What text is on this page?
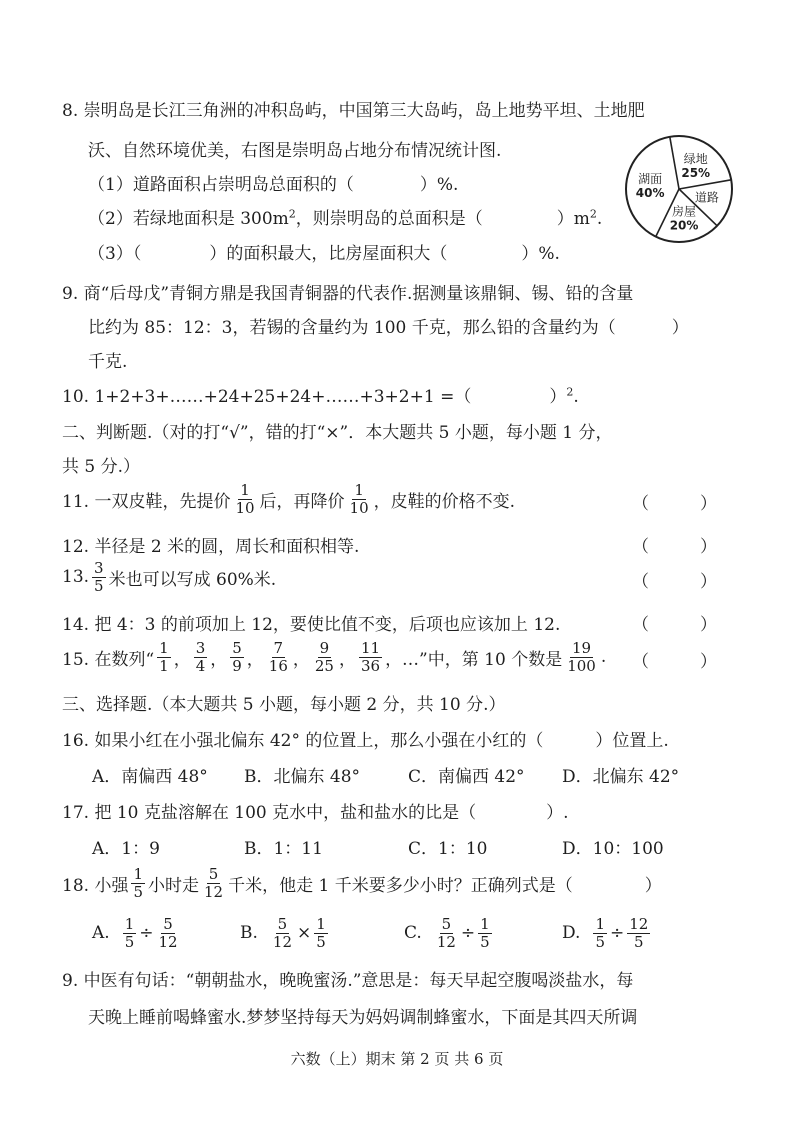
8. 崇明岛是长江三角洲的冲积岛屿，中国第三大岛屿，岛上地势平坦、土地肥
沃、自然环境优美，右图是崇明岛占地分布情况统计图.
（1）道路面积占崇明岛总面积的（	）%.
（2）若绿地面积是 $300m^2$，则崇明岛的总面积是（	）$m^2$.
（3）（	）的面积最大，比房屋面积大（	）%.
绿地
25%
道路
房屋
20%
湖面
40%
9. 商“后母戊”青铜方鼎是我国青铜器的代表作.据测量该鼎铜、锡、铅的含量
比约为 85：12：3，若锡的含量约为 100 千克，那么铅的含量约为（	）
千克.
10. 1+2+3+……+24+25+24+……+3+2+1 =（	）$^2$.
二、判断题.（对的打“√”，错的打“×”．本大题共 5 小题，每小题 1 分，
共 5 分.）
11. 一双皮鞋，先提价 $\frac{1}{10}$ 后，再降价 $\frac{1}{10}$ ，皮鞋的价格不变.	（　　　）
12. 半径是 2 米的圆，周长和面积相等.	（　　　）
13. $\frac{3}{5}$ 米也可以写成 60%米.	（　　　）
14. 把 4：3 的前项加上 12，要使比值不变，后项也应该加上 12.	（　　　）
15. 在数列“ $\frac{1}{1}$ ， $\frac{3}{4}$ ， $\frac{5}{9}$ ， $\frac{7}{16}$ ， $\frac{9}{25}$ ， $\frac{11}{36}$ ，…”中，第 10 个数是 $\frac{19}{100}$ . （　　　）
三、选择题.（本大题共 5 小题，每小题 2 分，共 10 分.）
16. 如果小红在小强北偏东 42° 的位置上，那么小强在小红的（	）位置上.
A．南偏西 48° B．北偏东 48°	C．南偏西 42° D．北偏东 42°
17. 把 10 克盐溶解在 100 克水中，盐和盐水的比是（	）.
A．1：9	B．1：11	C．1：10	D．10：100
18. 小强 $\frac{1}{5}$ 小时走 $\frac{5}{12}$ 千米，他走 1 千米要多少小时？正确列式是（	）
A. $\frac{1}{5} \div \frac{5}{12}$	B. $\frac{5}{12} \times \frac{1}{5}$	C. $\frac{5}{12} \div \frac{1}{5}$	D. $\frac{1}{5} \div \frac{12}{5}$
9. 中医有句话：“朝朝盐水，晚晚蜜汤.”意思是：每天早起空腹喝淡盐水，每
天晚上睡前喝蜂蜜水.梦梦坚持每天为妈妈调制蜂蜜水，下面是其四天所调
六数（上）期末 第 2 页 共 6 页
